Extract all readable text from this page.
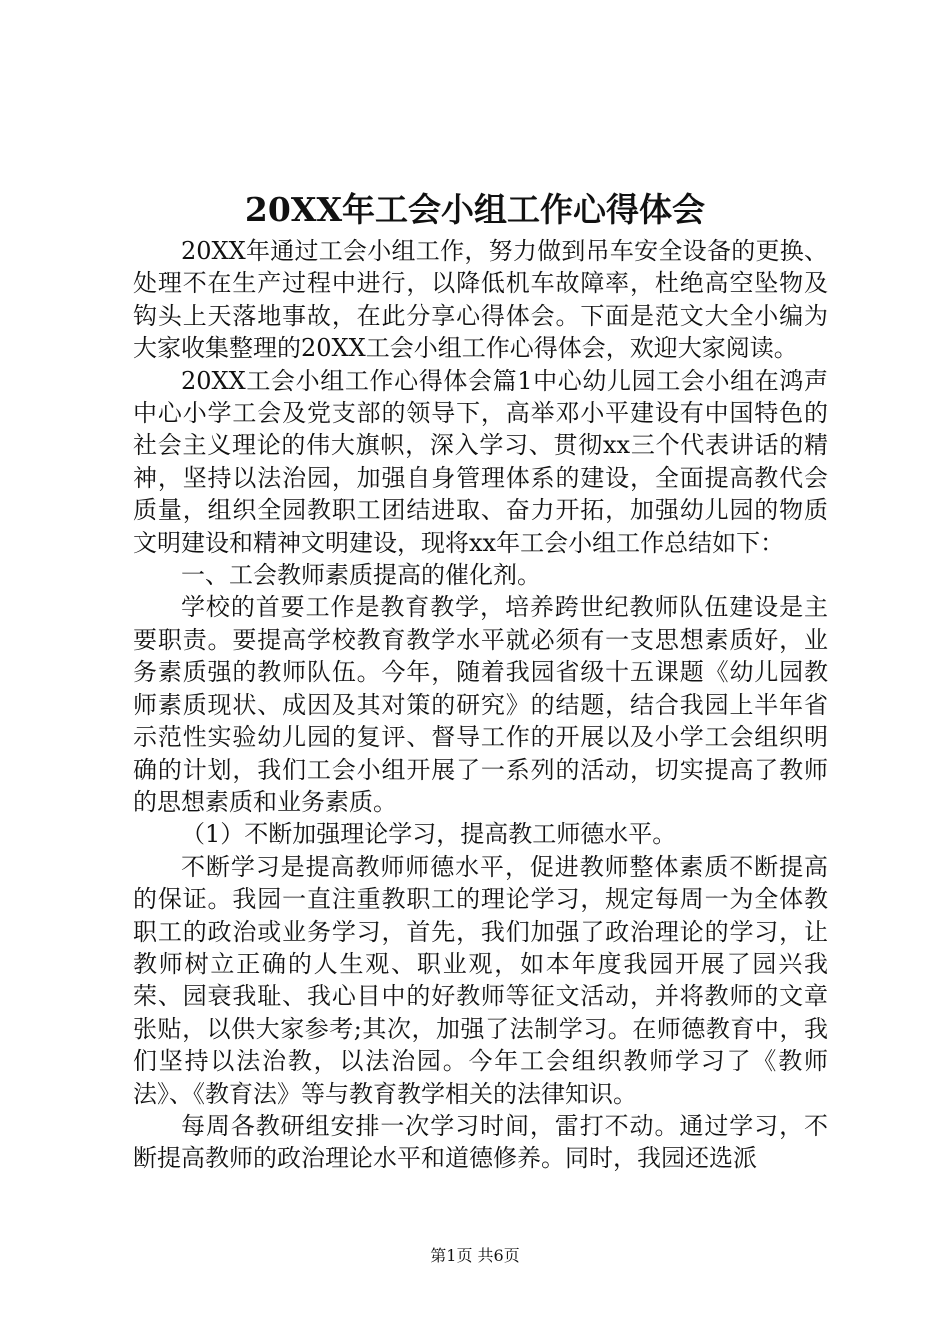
20XX年工会小组工作心得体会

20XX年通过工会小组工作，努力做到吊车安全设备的更换、处理不在生产过程中进行，以降低机车故障率，杜绝高空坠物及钩头上天落地事故，在此分享心得体会。下面是范文大全小编为大家收集整理的20XX工会小组工作心得体会，欢迎大家阅读。

20XX工会小组工作心得体会篇1中心幼儿园工会小组在鸿声中心小学工会及党支部的领导下，高举邓小平建设有中国特色的社会主义理论的伟大旗帜，深入学习、贯彻xx三个代表讲话的精神，坚持以法治园，加强自身管理体系的建设，全面提高教代会质量，组织全园教职工团结进取、奋力开拓，加强幼儿园的物质文明建设和精神文明建设，现将xx年工会小组工作总结如下：

一、工会教师素质提高的催化剂。

学校的首要工作是教育教学，培养跨世纪教师队伍建设是主要职责。要提高学校教育教学水平就必须有一支思想素质好，业务素质强的教师队伍。今年，随着我园省级十五课题《幼儿园教师素质现状、成因及其对策的研究》的结题，结合我园上半年省示范性实验幼儿园的复评、督导工作的开展以及小学工会组织明确的计划，我们工会小组开展了一系列的活动，切实提高了教师的思想素质和业务素质。

（1）不断加强理论学习，提高教工师德水平。

不断学习是提高教师师德水平，促进教师整体素质不断提高的保证。我园一直注重教职工的理论学习，规定每周一为全体教职工的政治或业务学习，首先，我们加强了政治理论的学习，让教师树立正确的人生观、职业观，如本年度我园开展了园兴我荣、园衰我耻、我心目中的好教师等征文活动，并将教师的文章张贴，以供大家参考;其次，加强了法制学习。在师德教育中，我们坚持以法治教，以法治园。今年工会组织教师学习了《教师法》、《教育法》等与教育教学相关的法律知识。

每周各教研组安排一次学习时间，雷打不动。通过学习，不断提高教师的政治理论水平和道德修养。同时，我园还选派

第1页 共6页
